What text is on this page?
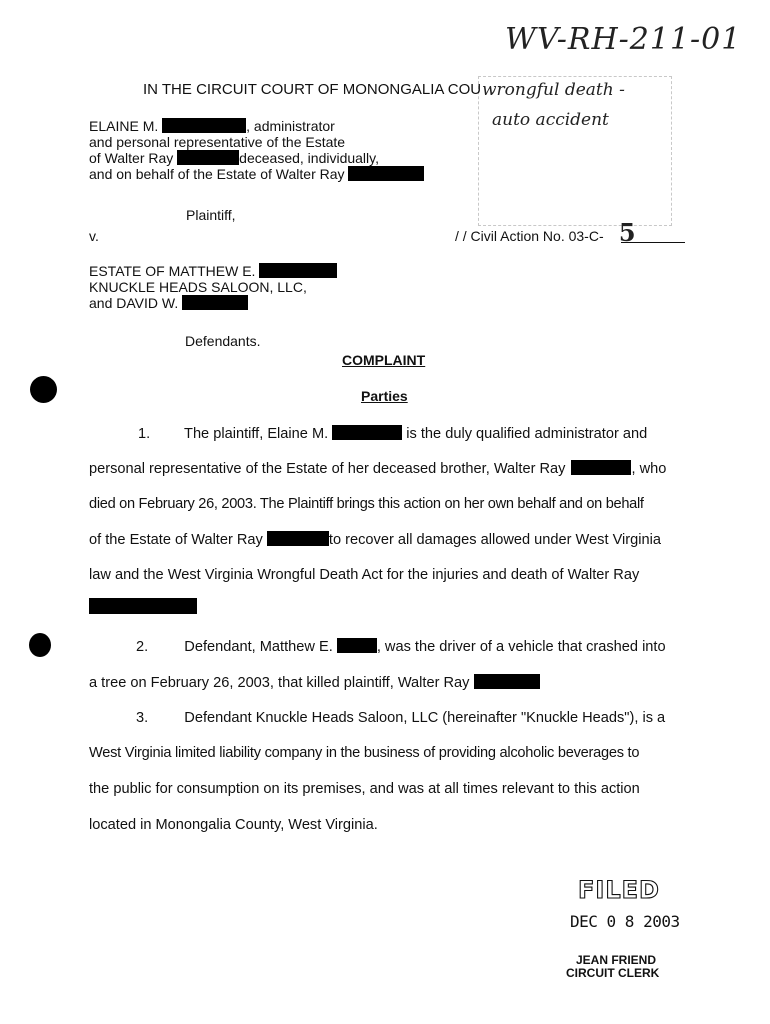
WV-RH-211-01
wrongful death -
auto accident
IN THE CIRCUIT COURT OF MONONGALIA COU
ELAINE M.	, administrator
and personal representative of the Estate
of Walter Ray	deceased, individually,
and on behalf of the Estate of Walter Ray
Plaintiff,
v.	/ / Civil Action No. 03-C- 5
ESTATE OF MATTHEW E.
KNUCKLE HEADS SALOON, LLC,
and DAVID W.
Defendants.
COMPLAINT
Parties
1. The plaintiff, Elaine M.	is the duly qualified administrator and
personal representative of the Estate of her deceased brother, Walter Ray	, who
died on February 26, 2003. The Plaintiff brings this action on her own behalf and on behalf
of the Estate of Walter Ray	to recover all damages allowed under West Virginia
law and the West Virginia Wrongful Death Act for the injuries and death of Walter Ray
2. Defendant, Matthew E.	, was the driver of a vehicle that crashed into
a tree on February 26, 2003, that killed plaintiff, Walter Ray
3. Defendant Knuckle Heads Saloon, LLC (hereinafter "Knuckle Heads"), is a
West Virginia limited liability company in the business of providing alcoholic beverages to
the public for consumption on its premises, and was at all times relevant to this action
located in Monongalia County, West Virginia.
FILED
DEC 0 8 2003
JEAN FRIEND
CIRCUIT CLERK
